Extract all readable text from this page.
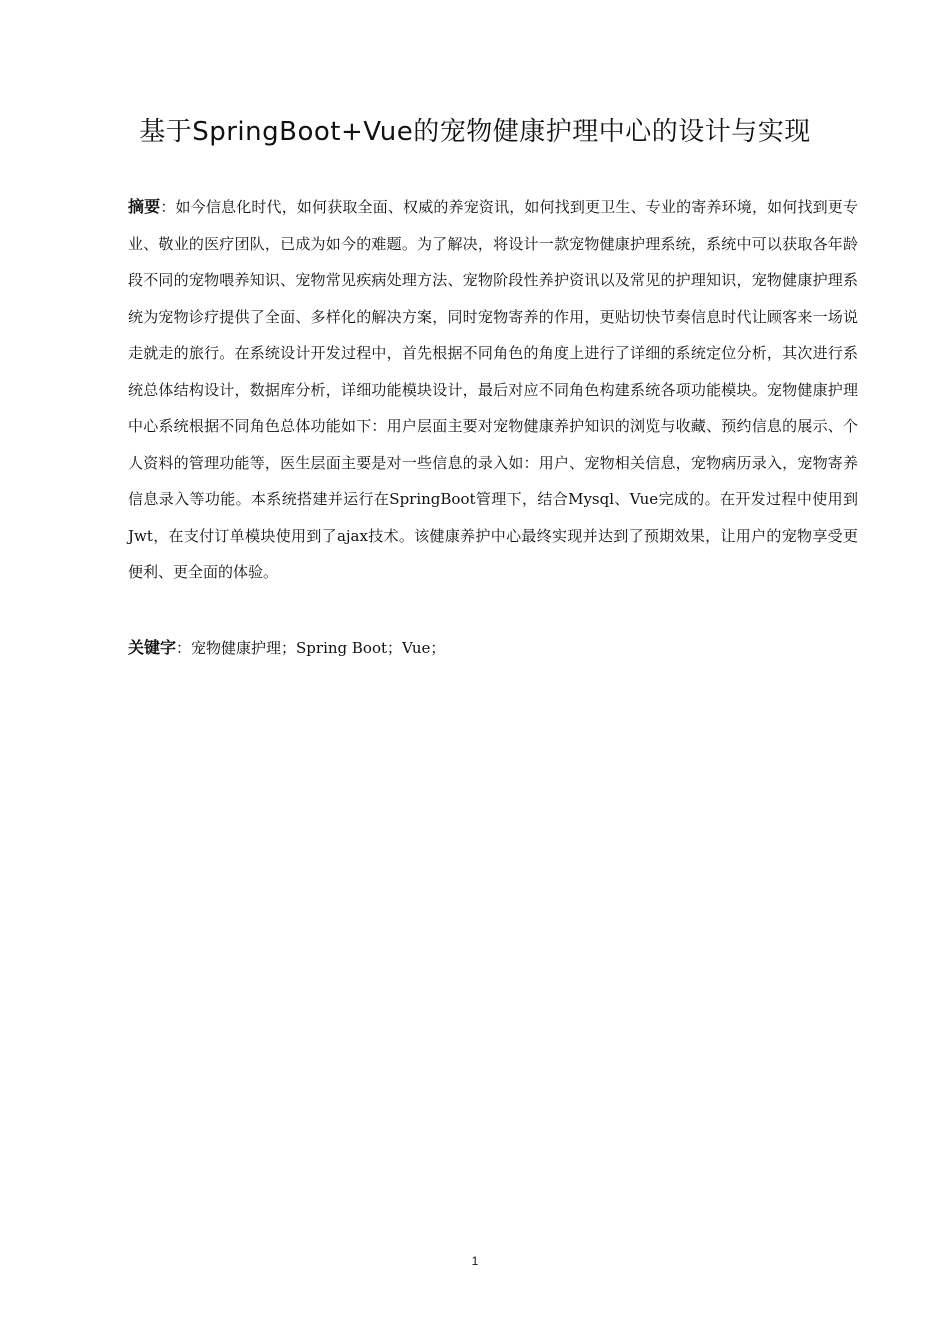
基于SpringBoot+Vue的宠物健康护理中心的设计与实现

摘要：如今信息化时代，如何获取全面、权威的养宠资讯，如何找到更卫生、专业的寄养环境，如何找到更专业、敬业的医疗团队，已成为如今的难题。为了解决，将设计一款宠物健康护理系统，系统中可以获取各年龄段不同的宠物喂养知识、宠物常见疾病处理方法、宠物阶段性养护资讯以及常见的护理知识，宠物健康护理系统为宠物诊疗提供了全面、多样化的解决方案，同时宠物寄养的作用，更贴切快节奏信息时代让顾客来一场说走就走的旅行。在系统设计开发过程中，首先根据不同角色的角度上进行了详细的系统定位分析，其次进行系统总体结构设计，数据库分析，详细功能模块设计，最后对应不同角色构建系统各项功能模块。宠物健康护理中心系统根据不同角色总体功能如下：用户层面主要对宠物健康养护知识的浏览与收藏、预约信息的展示、个人资料的管理功能等，医生层面主要是对一些信息的录入如：用户、宠物相关信息，宠物病历录入，宠物寄养信息录入等功能。本系统搭建并运行在SpringBoot管理下，结合Mysql、Vue完成的。在开发过程中使用到Jwt，在支付订单模块使用到了ajax技术。该健康养护中心最终实现并达到了预期效果，让用户的宠物享受更便利、更全面的体验。

关键字：宠物健康护理；Spring Boot；Vue；

1
